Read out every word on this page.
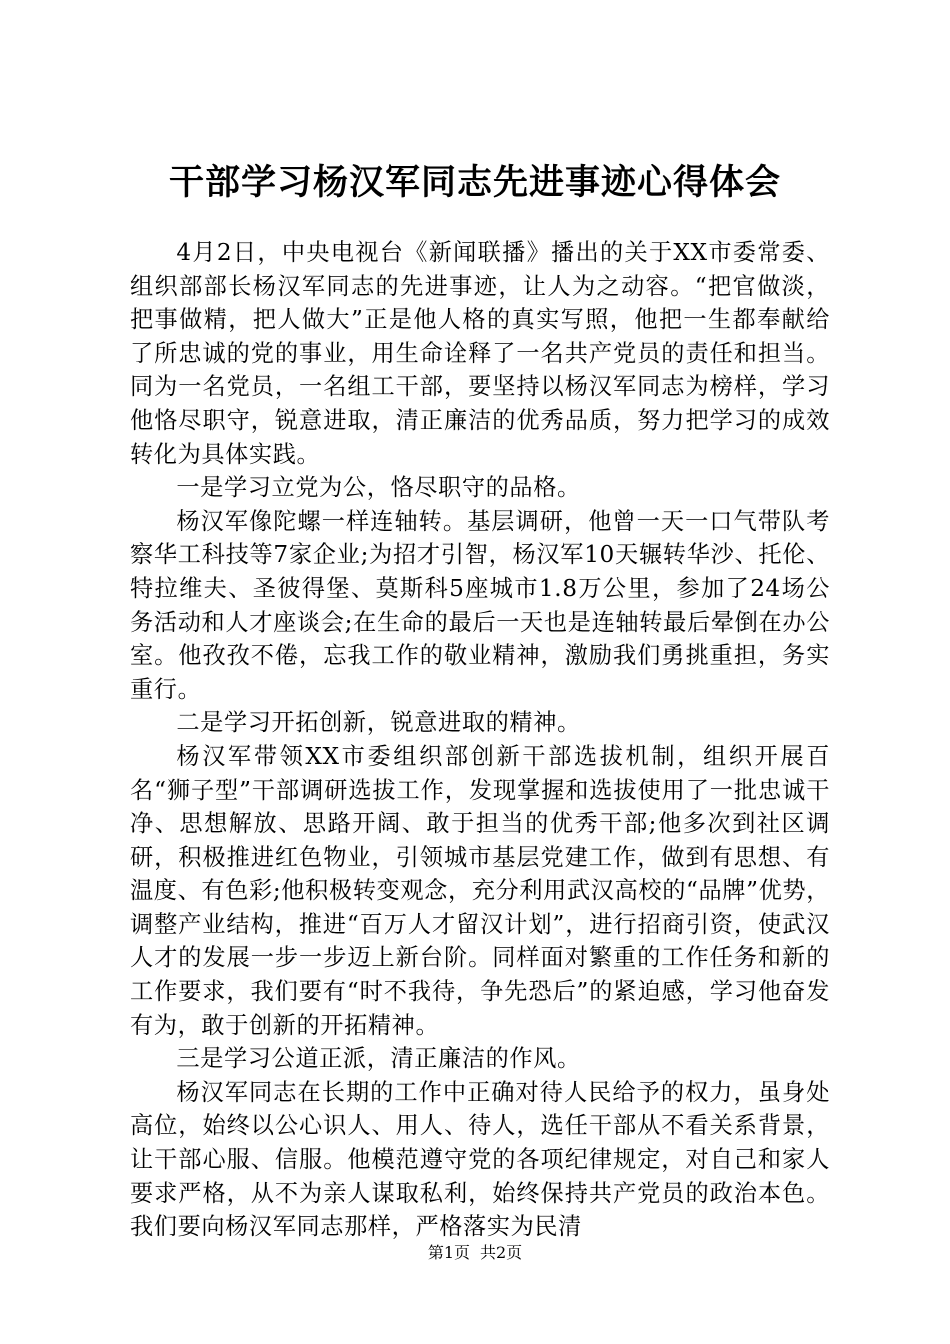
干部学习杨汉军同志先进事迹心得体会

4月2日，中央电视台《新闻联播》播出的关于XX市委常委、组织部部长杨汉军同志的先进事迹，让人为之动容。“把官做淡，把事做精，把人做大”正是他人格的真实写照，他把一生都奉献给了所忠诚的党的事业，用生命诠释了一名共产党员的责任和担当。同为一名党员，一名组工干部，要坚持以杨汉军同志为榜样，学习他恪尽职守，锐意进取，清正廉洁的优秀品质，努力把学习的成效转化为具体实践。

一是学习立党为公，恪尽职守的品格。

杨汉军像陀螺一样连轴转。基层调研，他曾一天一口气带队考察华工科技等7家企业;为招才引智，杨汉军10天辗转华沙、托伦、特拉维夫、圣彼得堡、莫斯科5座城市1.8万公里，参加了24场公务活动和人才座谈会;在生命的最后一天也是连轴转最后晕倒在办公室。他孜孜不倦，忘我工作的敬业精神，激励我们勇挑重担，务实重行。

二是学习开拓创新，锐意进取的精神。

杨汉军带领XX市委组织部创新干部选拔机制，组织开展百名“狮子型”干部调研选拔工作，发现掌握和选拔使用了一批忠诚干净、思想解放、思路开阔、敢于担当的优秀干部;他多次到社区调研，积极推进红色物业，引领城市基层党建工作，做到有思想、有温度、有色彩;他积极转变观念，充分利用武汉高校的“品牌”优势，调整产业结构，推进“百万人才留汉计划”，进行招商引资，使武汉人才的发展一步一步迈上新台阶。同样面对繁重的工作任务和新的工作要求，我们要有“时不我待，争先恐后”的紧迫感，学习他奋发有为，敢于创新的开拓精神。

三是学习公道正派，清正廉洁的作风。

杨汉军同志在长期的工作中正确对待人民给予的权力，虽身处高位，始终以公心识人、用人、待人，选任干部从不看关系背景，让干部心服、信服。他模范遵守党的各项纪律规定，对自己和家人要求严格，从不为亲人谋取私利，始终保持共产党员的政治本色。我们要向杨汉军同志那样，严格落实为民清

第1页 共2页
